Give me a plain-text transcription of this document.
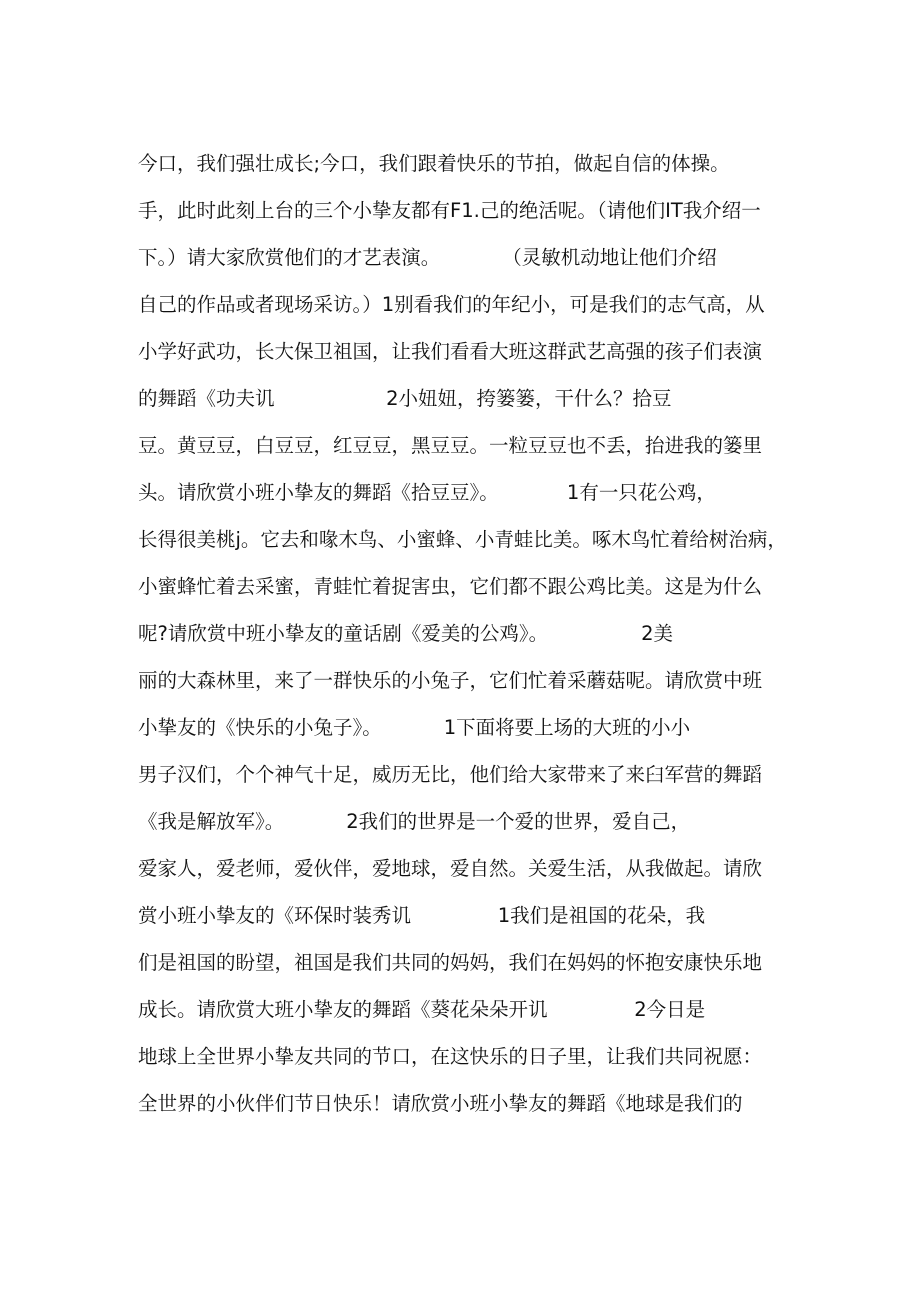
今口，我们强壮成长;今口，我们跟着快乐的节拍，做起自信的体操。
手，此时此刻上台的三个小挚友都有F1.己的绝活呢。（请他们IT我介绍一
下。）请大家欣赏他们的才艺表演。          （灵敏机动地让他们介绍
自己的作品或者现场采访。）1别看我们的年纪小，可是我们的志气高，从
小学好武功，长大保卫祖国，让我们看看大班这群武艺高强的孩子们表演
的舞蹈《功夫讥                  2小妞妞，挎篓篓，干什么？拾豆
豆。黄豆豆，白豆豆，红豆豆，黑豆豆。一粒豆豆也不丢，抬进我的篓里
头。请欣赏小班小挚友的舞蹈《拾豆豆》。           1有一只花公鸡，
长得很美桃j。它去和喙木鸟、小蜜蜂、小青蛙比美。啄木鸟忙着给树治病，
小蜜蜂忙着去采蜜，青蛙忙着捉害虫，它们都不跟公鸡比美。这是为什么
呢?请欣赏中班小挚友的童话剧《爱美的公鸡》。               2美
丽的大森林里，来了一群快乐的小兔子，它们忙着采蘑菇呢。请欣赏中班
小挚友的《快乐的小兔子》。          1下面将要上场的大班的小小
男子汉们，个个神气十足，威历无比，他们给大家带来了来臼军营的舞蹈
《我是解放军》。          2我们的世界是一个爱的世界，爱自己，
爱家人，爱老师，爱伙伴，爱地球，爱自然。关爱生活，从我做起。请欣
赏小班小挚友的《环保时装秀讥              1我们是祖国的花朵，我
们是祖国的盼望，祖国是我们共同的妈妈，我们在妈妈的怀抱安康快乐地
成长。请欣赏大班小挚友的舞蹈《葵花朵朵开讥              2今日是
地球上全世界小挚友共同的节口，在这快乐的日子里，让我们共同祝愿：
全世界的小伙伴们节日快乐！请欣赏小班小挚友的舞蹈《地球是我们的
